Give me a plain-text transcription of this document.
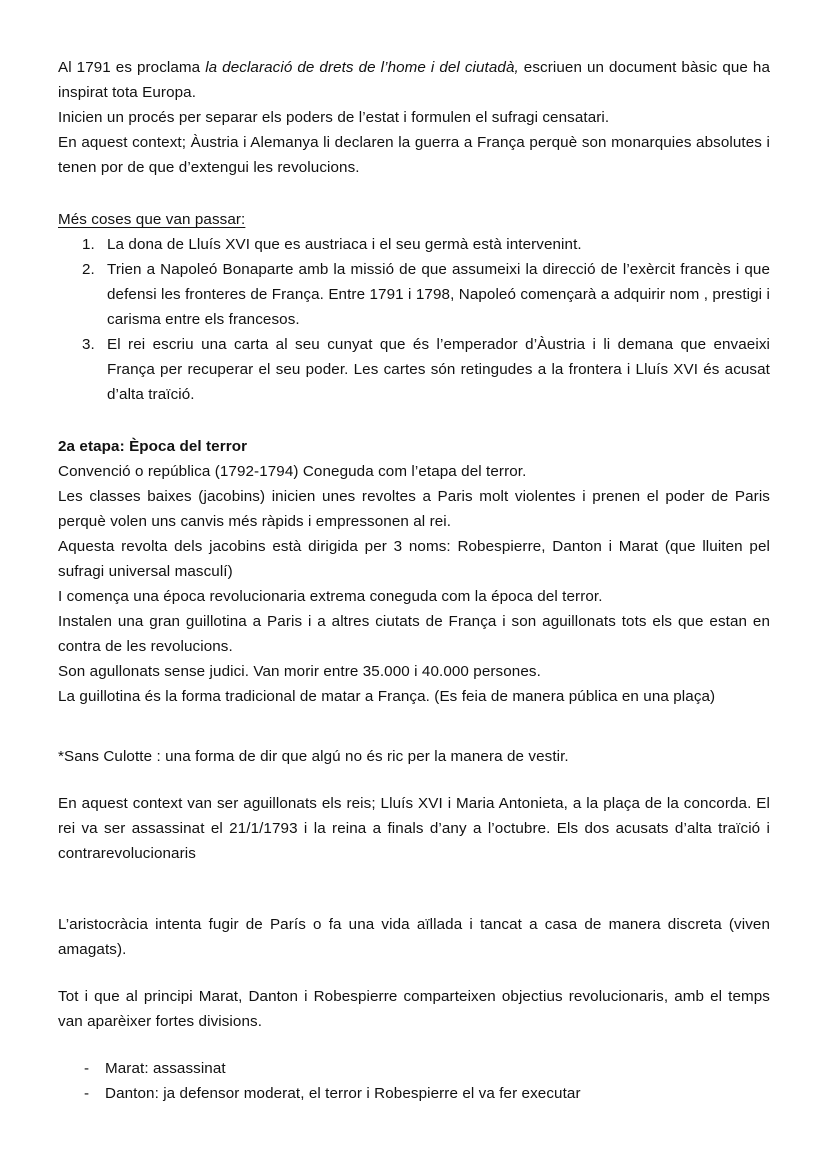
Al 1791 es proclama la declaració de drets de l’home i del ciutadà, escriuen un document bàsic que ha inspirat tota Europa.

Inicien un procés per separar els poders de l’estat i formulen el sufragi censatari.

En aquest context; Àustria i Alemanya li declaren la guerra a França perquè son monarquies absolutes i tenen por de que d’extengui les revolucions.

Més coses que van passar:

La dona de Lluís XVI que es austriaca i el seu germà està intervenint.
Trien a Napoleó Bonaparte amb la missió de que assumeixi la direcció de l’exèrcit francès i que defensi les fronteres de França. Entre 1791 i 1798, Napoleó començarà a adquirir nom , prestigi i carisma entre els francesos.
El rei escriu una carta al seu cunyat que és l’emperador d’Àustria i li demana que envaeixi França per recuperar el seu poder. Les cartes són retingudes a la frontera i Lluís XVI és acusat d’alta traïció.

2a etapa: Època del terror

Convenció o república (1792-1794) Coneguda com l’etapa del terror.

Les classes baixes (jacobins) inicien unes revoltes a Paris molt violentes i prenen el poder de Paris perquè volen uns canvis més ràpids i empressonen al rei.

Aquesta revolta dels jacobins està dirigida per 3 noms: Robespierre, Danton i Marat (que lluiten pel sufragi universal masculí)

I comença una época revolucionaria extrema coneguda com la época del terror.

Instalen una gran guillotina a Paris i a altres ciutats de França i son aguillonats tots els que estan en contra de les revolucions.

Son agullonats sense judici. Van morir entre 35.000 i 40.000 persones.

La guillotina és la forma tradicional de matar a França. (Es feia de manera pública en una plaça)

*Sans Culotte : una forma de dir que algú no és ric per la manera de vestir.

En aquest context van ser aguillonats els reis; Lluís XVI i Maria Antonieta, a la plaça de la concorda. El rei va ser assassinat el 21/1/1793 i la reina a finals d’any a l’octubre. Els dos acusats d’alta traïció i contrarevolucionaris

L’aristocràcia intenta fugir de París o fa una vida aïllada i tancat a casa de manera discreta (viven amagats).

Tot i que al principi Marat, Danton i Robespierre comparteixen objectius revolucionaris, amb el temps van aparèixer fortes divisions.

- Marat: assassinat
- Danton: ja defensor moderat, el terror i Robespierre el va fer executar
